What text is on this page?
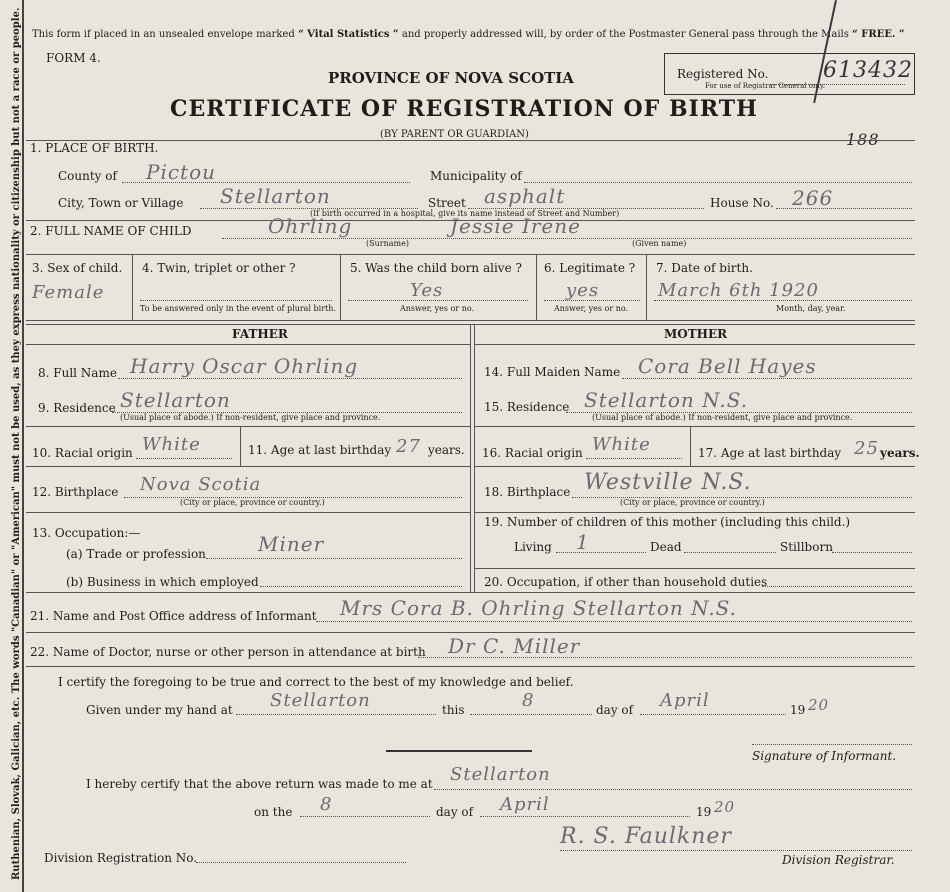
Ruthenian, Slovak, Galician, etc. The words "Canadian" or "American" must not be used, as they express nationality or citizenship but not a race or people. This form if placed in an unsealed envelope marked “ Vital Statistics ” and properly addressed will, by order of the Postmaster General pass through the Mails “ FREE. ”
FORM 4.
PROVINCE OF NOVA SCOTIA
CERTIFICATE OF REGISTRATION OF BIRTH
(BY PARENT OR GUARDIAN)
Registered No. 613432
For use of Registrar General only.
188
1. PLACE OF BIRTH.
County of Pictou	Municipality of
City, Town or Village Stellarton	Street asphalt	House No. 266
(If birth occurred in a hospital, give its name instead of Street and Number)
2. FULL NAME OF CHILD	Ohrling	Jessie Irene
(Surname)	(Given name)
3. Sex of child.
Female
4. Twin, triplet or other ?
To be answered only in the event of plural birth.
5. Was the child born alive ?
Yes
Answer, yes or no.
6. Legitimate ?
yes
Answer, yes or no.
7. Date of birth.
March 6th 1920
Month, day, year.
FATHER	MOTHER
8. Full Name Harry Oscar Ohrling
9. Residence Stellarton
(Usual place of abode.) If non-resident, give place and province.
10. Racial origin White	11. Age at last birthday 27 years.
12. Birthplace Nova Scotia
(City or place, province or country.)
13. Occupation:—
(a) Trade or profession	Miner
(b) Business in which employed
14. Full Maiden Name Cora Bell Hayes
15. Residence Stellarton N.S.
(Usual place of abode.) If non-resident, give place and province.
16. Racial origin White	17. Age at last birthday 25 years.
18. Birthplace Westville N.S.
(City or place, province or country.)
19. Number of children of this mother (including this child.)
Living 1	Dead	Stillborn
20. Occupation, if other than household duties
21. Name and Post Office address of Informant Mrs Cora B. Ohrling Stellarton N.S.
22. Name of Doctor, nurse or other person in attendance at birth Dr C. Miller
I certify the foregoing to be true and correct to the best of my knowledge and belief.
Given under my hand at Stellarton	this	8	day of April	19 20
Signature of Informant.
I hereby certify that the above return was made to me at Stellarton
on the 8	day of April	19 20
R. S. Faulkner
Division Registration No.	Division Registrar.
